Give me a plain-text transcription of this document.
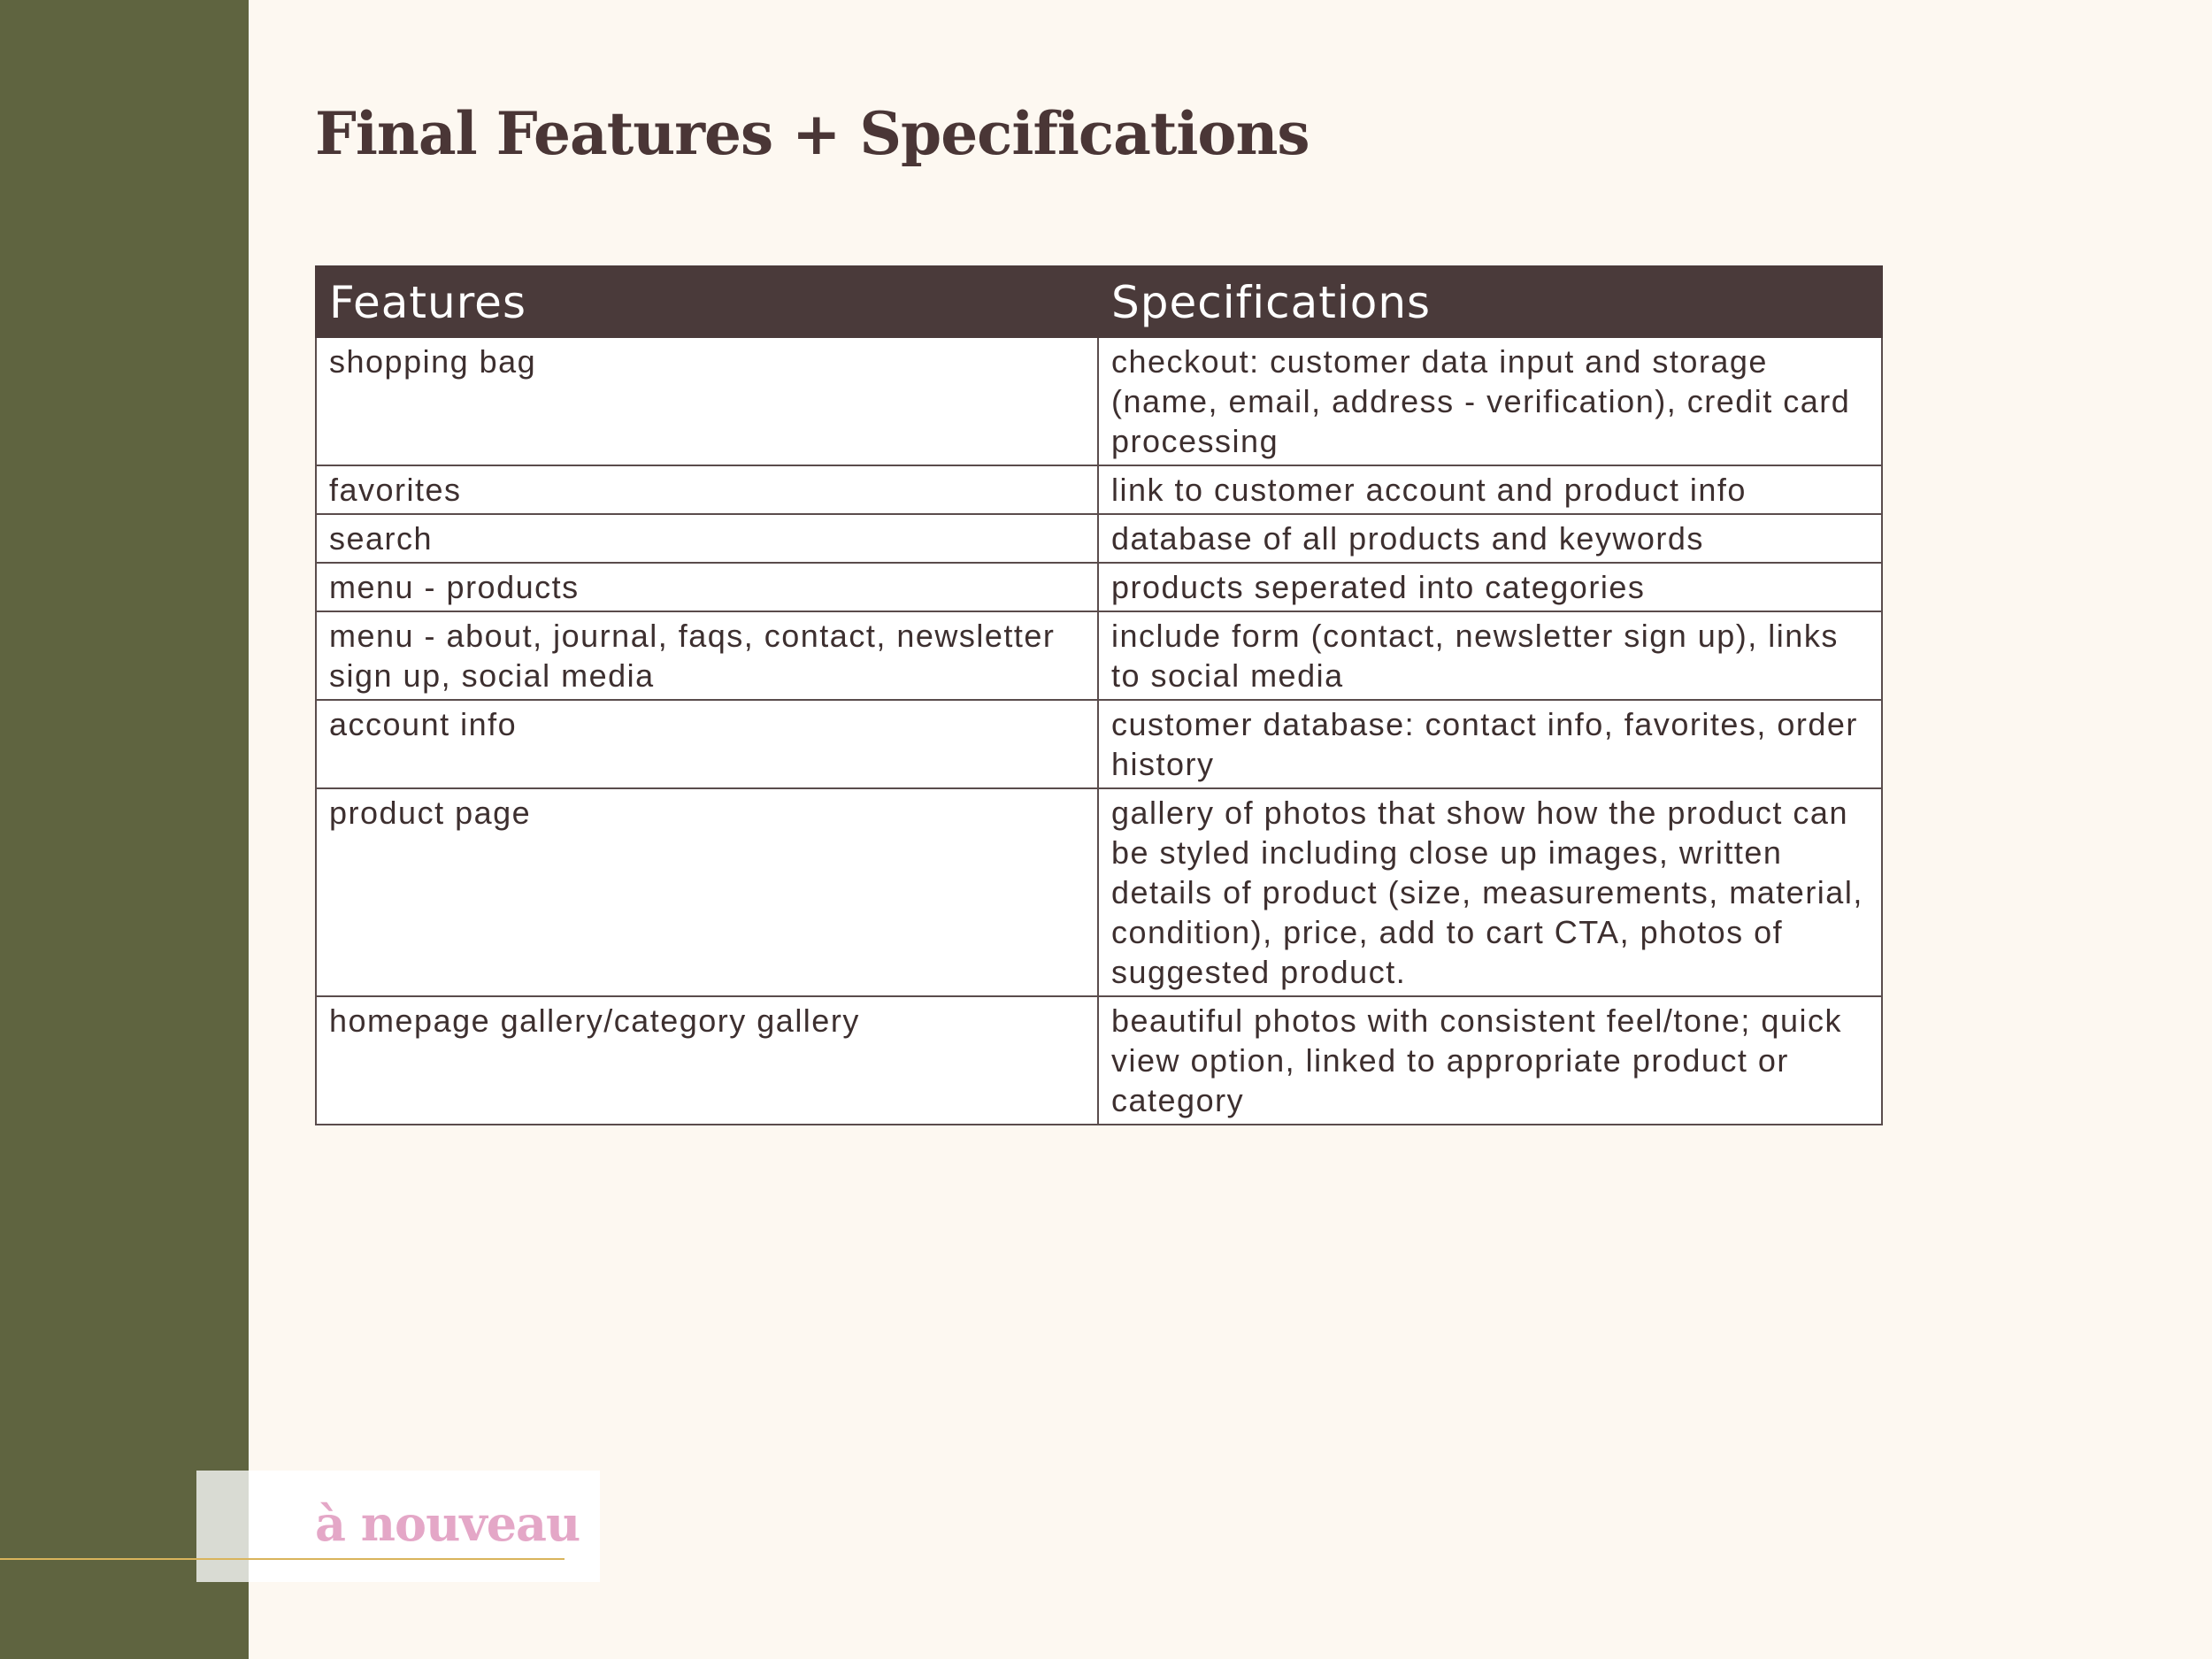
Final Features + Specifications
Features	Specifications
shopping bag	checkout: customer data input and storage (name, email, address - verification), credit card processing
favorites	link to customer account and product info
search	database of all products and keywords
menu - products	products seperated into categories
menu - about, journal, faqs, contact, newsletter sign up, social media	include form (contact, newsletter sign up), links to social media
account info	customer database: contact info, favorites, order history
product page	gallery of photos that show how the product can be styled including close up images, written details of product (size, measurements, material, condition), price, add to cart CTA, photos of suggested product.
homepage gallery/category gallery	beautiful photos with consistent feel/tone; quick view option, linked to appropriate product or category
à nouveau
